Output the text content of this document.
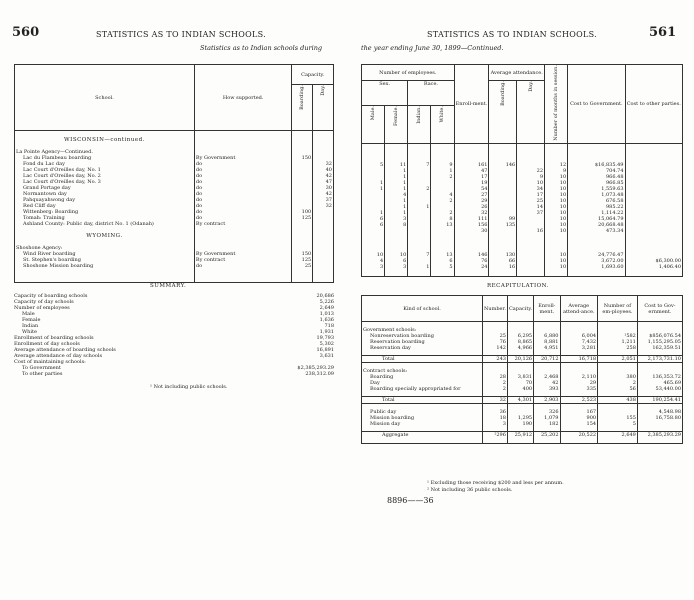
560	STATISTICS AS TO INDIAN SCHOOLS.
Statistics as to Indian schools during
School.	How supported.	Capacity.	
		Boarding.	Day.

WISCONSIN—continued.			

La Pointe Agency—Continued.			
Lac du Flambeau boarding	By Government	150	
Fond du Lac day	do		32
Lac Court d'Oreilles day, No. 1	do		40
Lac Court d'Oreilles day, No. 2	do		42
Lac Court d'Oreilles day, No. 3	do		47
Grand Portage day	do		30
Normantown day	do		42
Pahquayahwong day	do		37
Red Cliff day	do		32
Wittenberg: Boarding	do	100	
Tomah: Training	do	125	
Ashland County: Public day, district No. 1 (Odanah)	By contract		

WYOMING.			

Shoshone Agency:			
Wind River boarding	By Government	150	
St. Stephen's boarding	By contract	125	
Shoshone Mission boarding	do	25	

SUMMARY.
Capacity of boarding schools	20,686
Capacity of day schools	5,226
Number of employees	2,649
Male	1,013
Female	1,636
Indian	718
White	1,931
Enrollment of boarding schools	19,793
Enrollment of day schools	5,302
Average attendance of boarding schools	16,891
Average attendance of day schools	3,631
Cost of maintaining schools:
To Government	$2,385,293.29
To other parties	238,312.09
¹ Not including public schools.
STATISTICS AS TO INDIAN SCHOOLS.	561
the year ending June 30, 1899—Continued.
Number of employees.				Enroll-ment.	Average attendance.		Number of months in session.	Cost to Government.	Cost to other parties.
Sex.		Race.			Boarding.	Day.			
Male.	Female.	Indian.	White.						

5	11	7	9	161	146		12	$16,835.49	
	1		1	47		22	9	704.74	
	1		2	17		9	10	966.48	
1	1			19		10	10	966.85	
1	1	2		54		34	10	1,559.63	
	4		4	27		17	10	1,073.48	
	1		2	29		25	10	676.58	
	1	1		26		14	10	985.22	
1	1		2	32		37	10	1,114.22	
6	3		8	111	99		10	15,064.79	
6	8		13	156	135		10	20,668.48	
				30		16	10	473.34	

10	10	7	13	146	130		10	24,776.47	
4	6		6	76	66		10	3,672.00	$6,300.00
3	3	1	5	24	16		10	1,693.60	1,406.40

RECAPITULATION.
Kind of school.	Number.	Capacity.	Enroll-ment.	Average attend-ance.	Number of em-ployees.	Cost to Gov-ernment.

Government schools:						
Nonreservation boarding	25	6,295	6,880	6,004	¹582	$856,076.54
Reservation boarding	76	8,865	8,881	7,432	1,211	1,155,295.05
Reservation day	142	4,966	4,951	3,281	258	162,359.51

Total	243	20,126	20,712	16,718	2,051	2,173,731.10

Contract schools:						
Boarding	28	3,831	2,468	2,110	380	136,353.72
Day	2	70	42	29	2	465.69
Boarding specially appropriated for	2	400	393	335	56	53,440.00

Total	32	4,301	2,903	2,523	438	190,254.41

Public day	36		326	167		4,548.98
Mission boarding	18	1,295	1,079	900	155	16,758.80
Mission day	3	190	182	154	5	

Aggregate	²296	25,912	25,202	20,522	2,649	2,385,293.29

¹ Excluding those receiving $200 and less per annum.
² Not including 36 public schools.
8896——36
